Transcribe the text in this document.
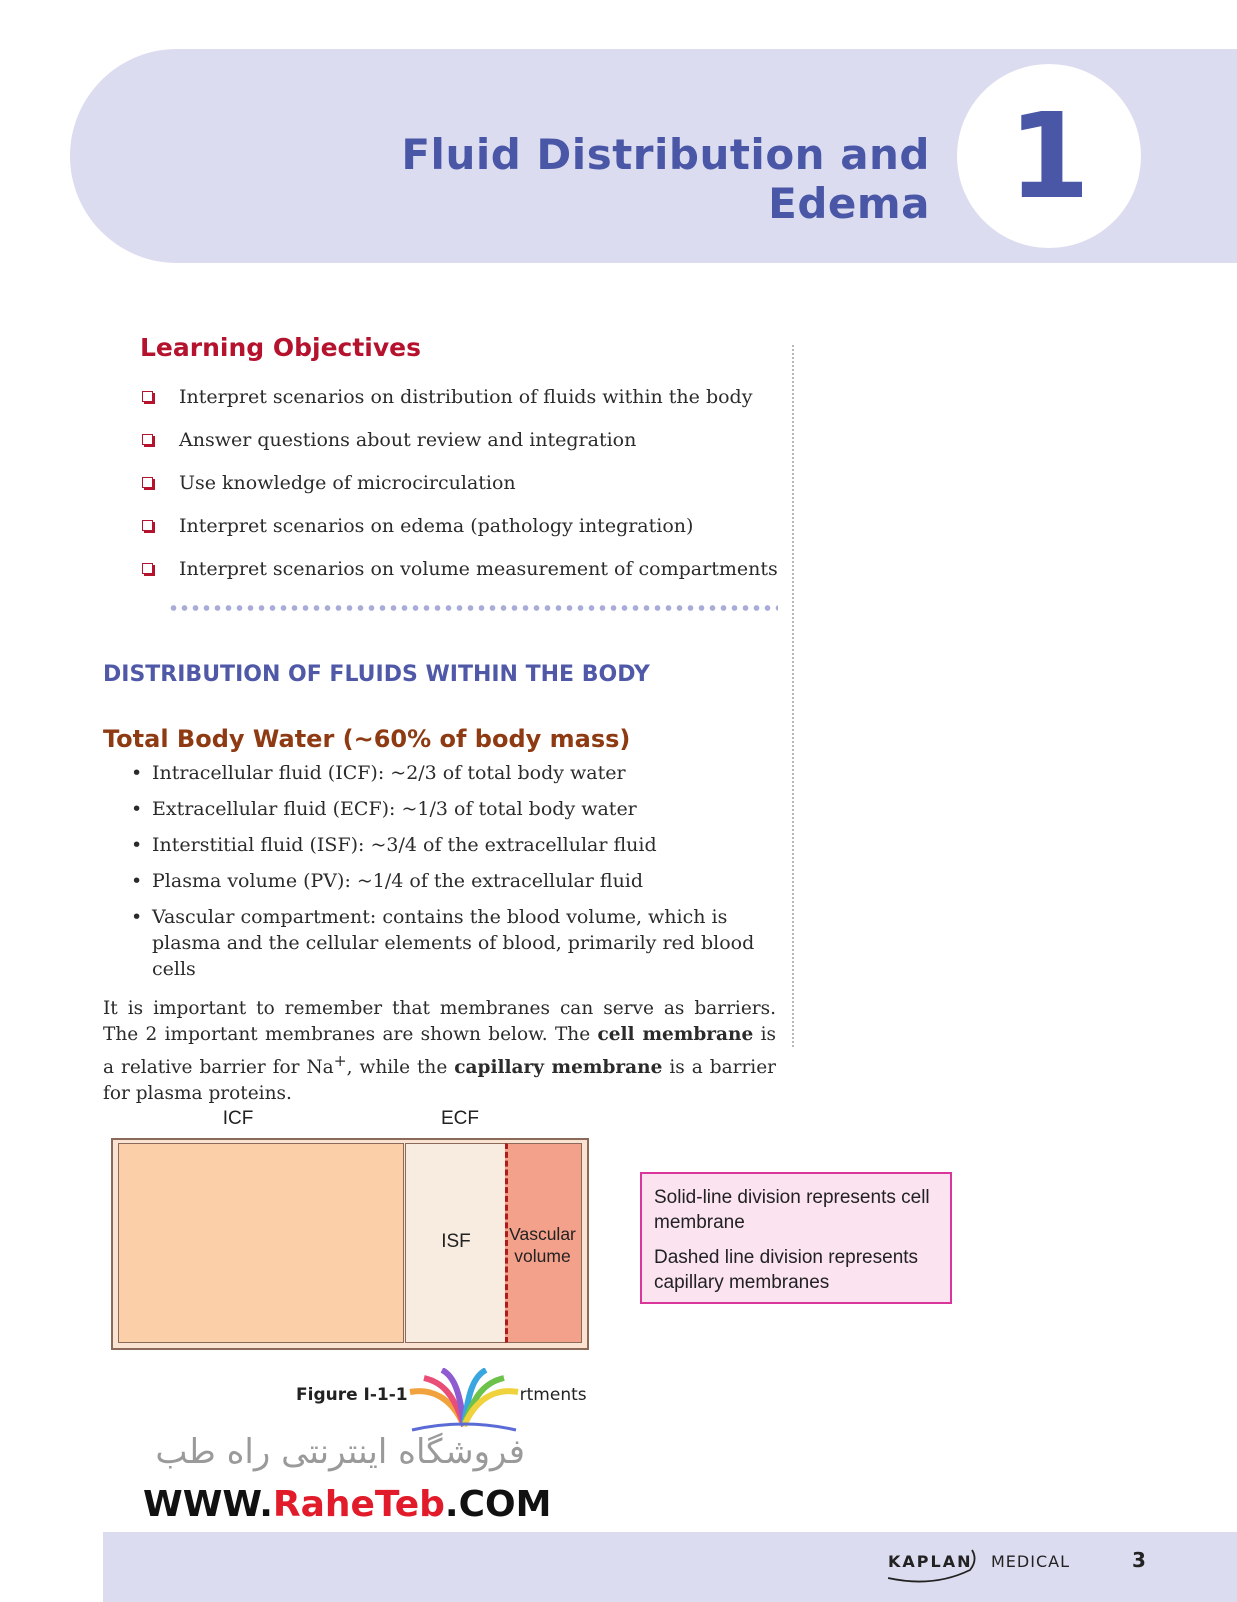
Fluid Distribution and Edema 1
Learning Objectives
Interpret scenarios on distribution of fluids within the body
Answer questions about review and integration
Use knowledge of microcirculation
Interpret scenarios on edema (pathology integration)
Interpret scenarios on volume measurement of compartments
DISTRIBUTION OF FLUIDS WITHIN THE BODY
Total Body Water (~60% of body mass)
• Intracellular fluid (ICF): ~2/3 of total body water
• Extracellular fluid (ECF): ~1/3 of total body water
• Interstitial fluid (ISF): ~3/4 of the extracellular fluid
• Plasma volume (PV): ~1/4 of the extracellular fluid
• Vascular compartment: contains the blood volume, which is plasma and the cellular elements of blood, primarily red blood cells

It is important to remember that membranes can serve as barriers. The 2 important membranes are shown below. The cell membrane is a relative barrier for Na+, while the capillary membrane is a barrier for plasma proteins.

ICF	ECF
ISF	Vascular
volume

Solid-line division represents cell membrane

Dashed line division represents capillary membranes

Figure I-1-1	rtments
فروشگاه اینترنتی راه طب
WWW.RaheTeb.COM
KAPLAN MEDICAL	3
